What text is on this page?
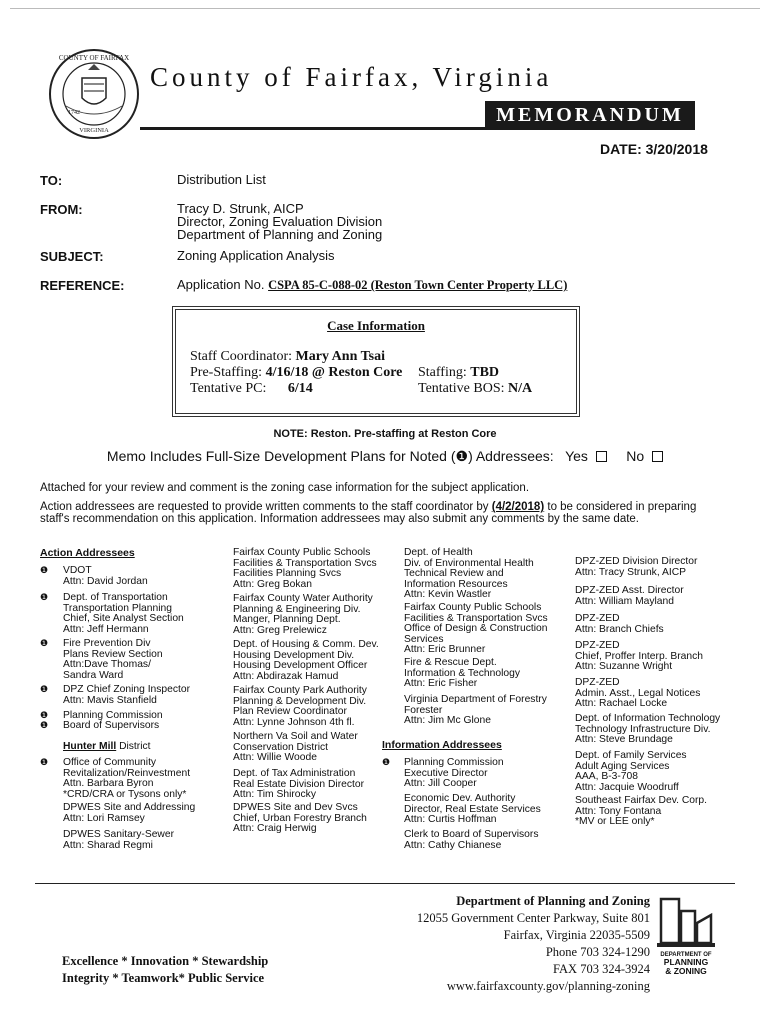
COUNTY OF FAIRFAX
1742
VIRGINIA
County of Fairfax, Virginia
MEMORANDUM
DATE: 3/20/2018
TO:	Distribution List
FROM:	Tracy D. Strunk, AICP
Director, Zoning Evaluation Division
Department of Planning and Zoning
SUBJECT:	Zoning Application Analysis
REFERENCE:	Application No. CSPA 85-C-088-02 (Reston Town Center Property LLC)
Case Information
Staff Coordinator: Mary Ann Tsai
Pre-Staffing: 4/16/18 @ Reston Core Staffing: TBD
Tentative PC: 6/14	Tentative BOS: N/A
NOTE: Reston. Pre-staffing at Reston Core
Memo Includes Full-Size Development Plans for Noted (❶) Addressees: Yes	No
Attached for your review and comment is the zoning case information for the subject application.
Action addressees are requested to provide written comments to the staff coordinator by (4/2/2018) to be considered in preparing
staff's recommendation on this application. Information addressees may also submit any comments by the same date.
Action Addressees
❶ VDOT
Attn: David Jordan
❶ Dept. of Transportation
Transportation Planning
Chief, Site Analyst Section
Attn: Jeff Hermann
❶ Fire Prevention Div
Plans Review Section
Attn:Dave Thomas/
Sandra Ward
❶ DPZ Chief Zoning Inspector
Attn: Mavis Stanfield
❶ Planning Commission
❶ Board of Supervisors

Hunter Mill District

❶ Office of Community
Revitalization/Reinvestment
Attn. Barbara Byron
*CRD/CRA or Tysons only*
DPWES Site and Addressing
Attn: Lori Ramsey
DPWES Sanitary-Sewer
Attn: Sharad Regmi
Fairfax County Public Schools
Facilities & Transportation Svcs
Facilities Planning Svcs
Attn: Greg Bokan
Fairfax County Water Authority
Planning & Engineering Div.
Manger, Planning Dept.
Attn: Greg Prelewicz
Dept. of Housing & Comm. Dev.
Housing Development Div.
Housing Development Officer
Attn: Abdirazak Hamud
Fairfax County Park Authority
Planning & Development Div.
Plan Review Coordinator
Attn: Lynne Johnson 4th fl.
Northern Va Soil and Water
Conservation District
Attn: Willie Woode
Dept. of Tax Administration
Real Estate Division Director
Attn: Tim Shirocky
DPWES Site and Dev Svcs
Chief, Urban Forestry Branch
Attn: Craig Herwig
Dept. of Health
Div. of Environmental Health
Technical Review and
Information Resources
Attn: Kevin Wastler
Fairfax County Public Schools
Facilities & Transportation Svcs
Office of Design & Construction
Services
Attn: Eric Brunner
Fire & Rescue Dept.
Information & Technology
Attn: Eric Fisher
Virginia Department of Forestry
Forester
Attn: Jim Mc Glone
Information Addressees
❶ Planning Commission
Executive Director
Attn: Jill Cooper
Economic Dev. Authority
Director, Real Estate Services
Attn: Curtis Hoffman
Clerk to Board of Supervisors
Attn: Cathy Chianese
DPZ-ZED Division Director
Attn: Tracy Strunk, AICP
DPZ-ZED Asst. Director
Attn: William Mayland
DPZ-ZED
Attn: Branch Chiefs
DPZ-ZED
Chief, Proffer Interp. Branch
Attn: Suzanne Wright
DPZ-ZED
Admin. Asst., Legal Notices
Attn: Rachael Locke
Dept. of Information Technology
Technology Infrastructure Div.
Attn: Steve Brundage
Dept. of Family Services
Adult Aging Services
AAA, B-3-708
Attn: Jacquie Woodruff
Southeast Fairfax Dev. Corp.
Attn: Tony Fontana
*MV or LEE only*
Department of Planning and Zoning
12055 Government Center Parkway, Suite 801
Fairfax, Virginia 22035-5509
Phone 703 324-1290
FAX 703 324-3924
www.fairfaxcounty.gov/planning-zoning
Excellence * Innovation * Stewardship
Integrity * Teamwork* Public Service
DEPARTMENT OF
PLANNING
& ZONING
